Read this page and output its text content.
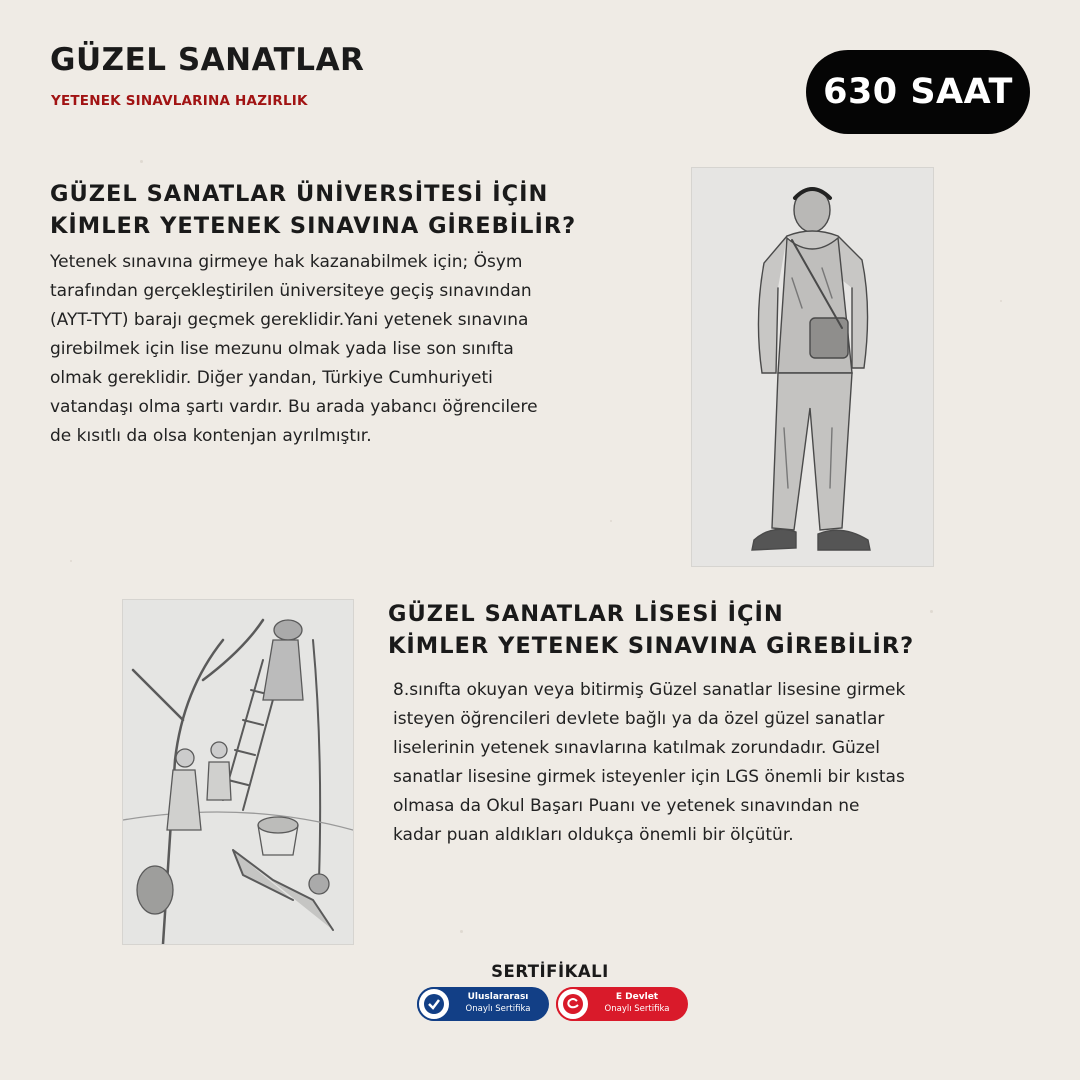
GÜZEL SANATLAR
YETENEK SINAVLARINA HAZIRLIK	630 SAAT
GÜZEL SANATLAR ÜNİVERSİTESİ İÇİN
KİMLER YETENEK SINAVINA GİREBİLİR?

Yetenek sınavına girmeye hak kazanabilmek için; Ösym tarafından gerçekleştirilen üniversiteye geçiş sınavından (AYT-TYT) barajı geçmek gereklidir.Yani yetenek sınavına girebilmek için lise mezunu olmak yada lise son sınıfta olmak gereklidir. Diğer yandan, Türkiye Cumhuriyeti vatandaşı olma şartı vardır. Bu arada yabancı öğrencilere de kısıtlı da olsa kontenjan ayrılmıştır.

GÜZEL SANATLAR LİSESİ İÇİN
KİMLER YETENEK SINAVINA GİREBİLİR?

8.sınıfta okuyan veya bitirmiş Güzel sanatlar lisesine girmek isteyen öğrencileri devlete bağlı ya da özel güzel sanatlar liselerinin yetenek sınavlarına katılmak zorundadır. Güzel sanatlar lisesine girmek isteyenler için LGS önemli bir kıstas olmasa da Okul Başarı Puanı ve yetenek sınavından ne kadar puan aldıkları oldukça önemli bir ölçütür.

SERTİFİKALI
Uluslararası
Onaylı Sertifika
E Devlet
Onaylı Sertifika
